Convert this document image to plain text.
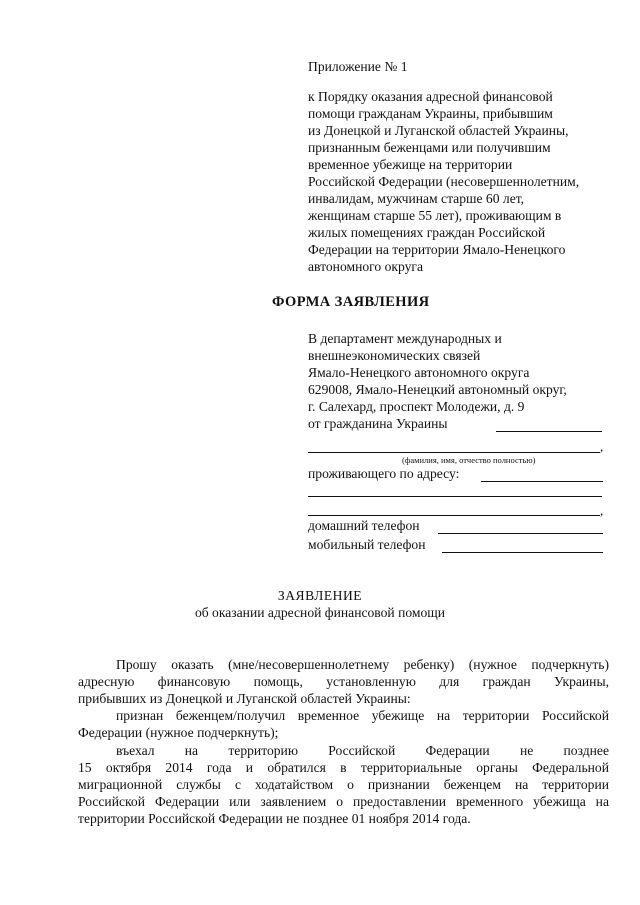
Приложение № 1
к Порядку оказания адресной финансовой
помощи гражданам Украины, прибывшим
из Донецкой и Луганской областей Украины,
признанным беженцами или получившим
временное убежище на территории
Российской Федерации (несовершеннолетним,
инвалидам, мужчинам старше 60 лет,
женщинам старше 55 лет), проживающим в
жилых помещениях граждан Российской
Федерации на территории Ямало-Ненецкого
автономного округа
ФОРМА ЗАЯВЛЕНИЯ
В департамент международных и
внешнеэкономических связей
Ямало-Ненецкого автономного округа
629008, Ямало-Ненецкий автономный округ,
г. Салехард, проспект Молодежи, д. 9
от гражданина Украины
,
(фамилия, имя, отчество полностью)
проживающего по адресу:
,
домашний телефон
мобильный телефон
ЗАЯВЛЕНИЕ
об оказании адресной финансовой помощи
Прошу оказать (мне/несовершеннолетнему ребенку) (нужное подчеркнуть)
адресную финансовую помощь, установленную для граждан Украины,
прибывших из Донецкой и Луганской областей Украины:
признан беженцем/получил временное убежище на территории Российской
Федерации (нужное подчеркнуть);
въехал на территорию Российской Федерации не позднее
15 октября 2014 года и обратился в территориальные органы Федеральной
миграционной службы с ходатайством о признании беженцем на территории
Российской Федерации или заявлением о предоставлении временного убежища на
территории Российской Федерации не позднее 01 ноября 2014 года.
